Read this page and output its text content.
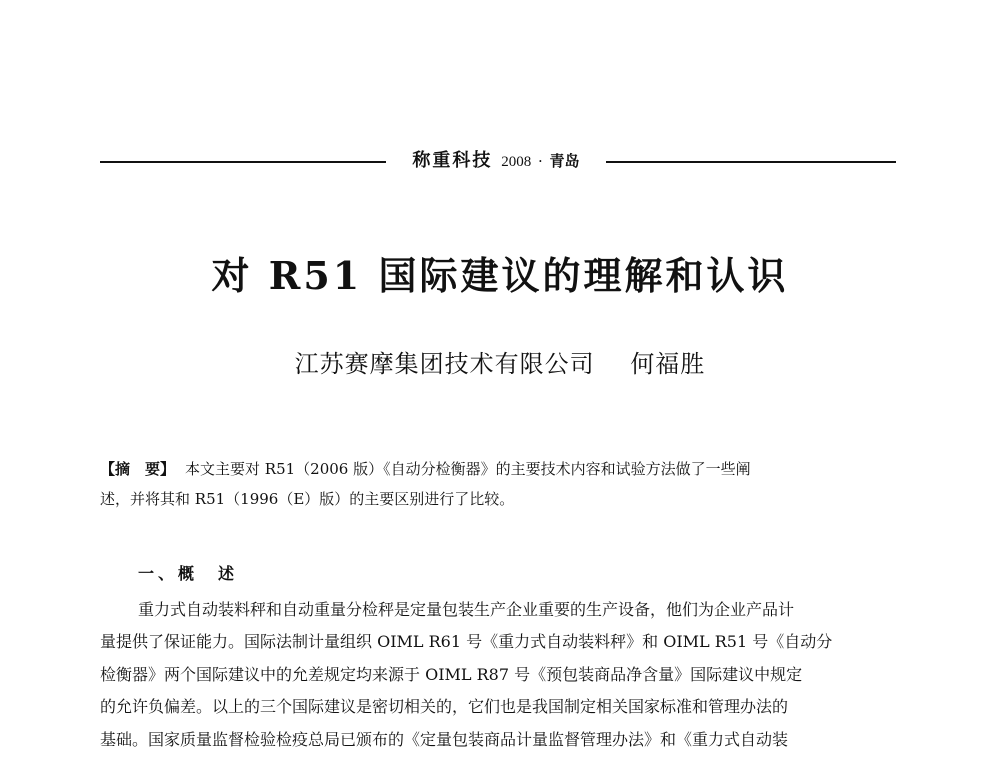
称重科技 2008 · 青岛
对 R51 国际建议的理解和认识
江苏赛摩集团技术有限公司 何福胜
【摘　要】 本文主要对 R51（2006 版）《自动分检衡器》的主要技术内容和试验方法做了一些阐
述，并将其和 R51（1996（E）版）的主要区别进行了比较。
一、概　述
重力式自动装料秤和自动重量分检秤是定量包装生产企业重要的生产设备，他们为企业产品计
量提供了保证能力。国际法制计量组织 OIML R61 号《重力式自动装料秤》和 OIML R51 号《自动分
检衡器》两个国际建议中的允差规定均来源于 OIML R87 号《预包装商品净含量》国际建议中规定
的允许负偏差。以上的三个国际建议是密切相关的，它们也是我国制定相关国家标准和管理办法的
基础。国家质量监督检验检疫总局已颁布的《定量包装商品计量监督管理办法》和《重力式自动装
